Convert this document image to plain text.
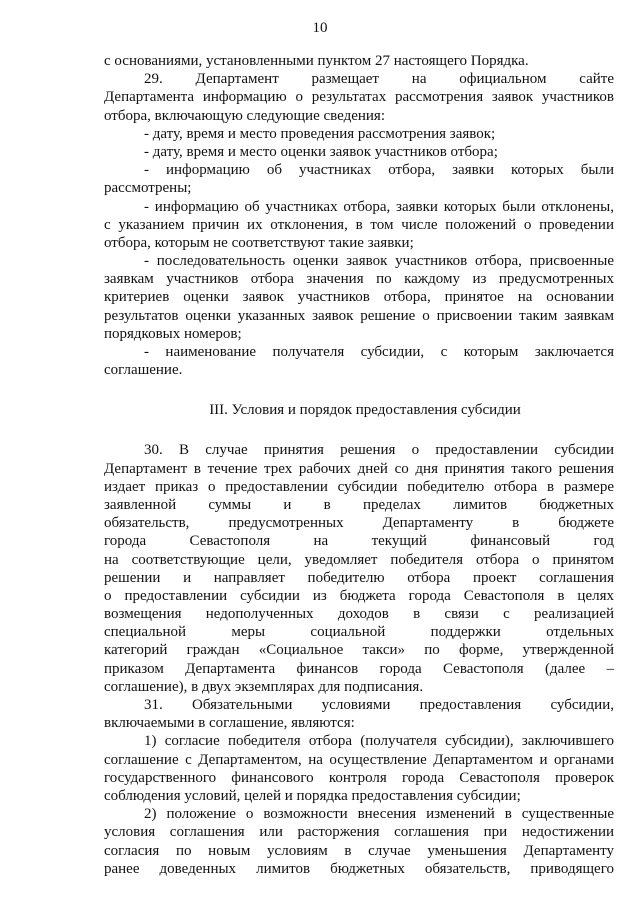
10
с основаниями, установленными пунктом 27 настоящего Порядка.
29. Департамент размещает на официальном сайте
Департамента информацию о результатах рассмотрения заявок участников
отбора, включающую следующие сведения:
- дату, время и место проведения рассмотрения заявок;
- дату, время и место оценки заявок участников отбора;
- информацию об участниках отбора, заявки которых были
рассмотрены;
- информацию об участниках отбора, заявки которых были отклонены,
с указанием причин их отклонения, в том числе положений о проведении
отбора, которым не соответствуют такие заявки;
- последовательность оценки заявок участников отбора, присвоенные
заявкам участников отбора значения по каждому из предусмотренных
критериев оценки заявок участников отбора, принятое на основании
результатов оценки указанных заявок решение о присвоении таким заявкам
порядковых номеров;
- наименование получателя субсидии, с которым заключается
соглашение.
III. Условия и порядок предоставления субсидии
30. В случае принятия решения о предоставлении субсидии
Департамент в течение трех рабочих дней со дня принятия такого решения
издает приказ о предоставлении субсидии победителю отбора в размере
заявленной суммы и в пределах лимитов бюджетных
обязательств, предусмотренных Департаменту в бюджете
города Севастополя на текущий финансовый год
на соответствующие цели, уведомляет победителя отбора о принятом
решении и направляет победителю отбора проект соглашения
о предоставлении субсидии из бюджета города Севастополя в целях
возмещения недополученных доходов в связи с реализацией
специальной меры социальной поддержки отдельных
категорий граждан «Социальное такси» по форме, утвержденной
приказом Департамента финансов города Севастополя (далее –
соглашение), в двух экземплярах для подписания.
31. Обязательными условиями предоставления субсидии,
включаемыми в соглашение, являются:
1) согласие победителя отбора (получателя субсидии), заключившего
соглашение с Департаментом, на осуществление Департаментом и органами
государственного финансового контроля города Севастополя проверок
соблюдения условий, целей и порядка предоставления субсидии;
2) положение о возможности внесения изменений в существенные
условия соглашения или расторжения соглашения при недостижении
согласия по новым условиям в случае уменьшения Департаменту
ранее доведенных лимитов бюджетных обязательств, приводящего
